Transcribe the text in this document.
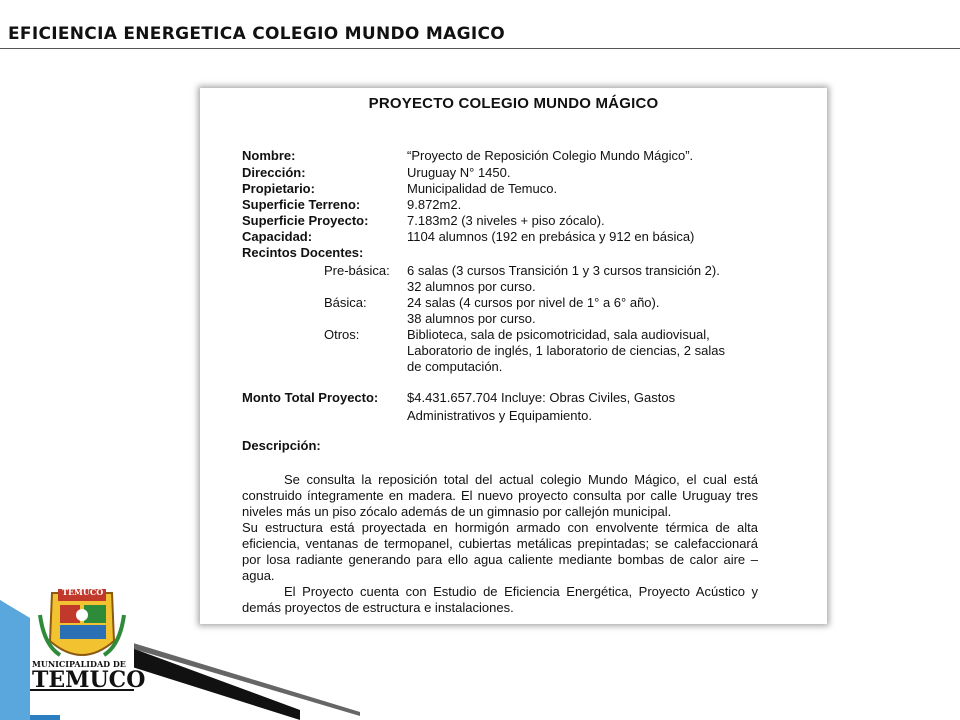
EFICIENCIA ENERGETICA COLEGIO MUNDO MAGICO
TEMUCO
MUNICIPALIDAD DE
TEMUCO
PROYECTO COLEGIO MUNDO MÁGICO
Nombre:	“Proyecto de Reposición Colegio Mundo Mágico”.
Dirección:	Uruguay N° 1450.
Propietario:	Municipalidad de Temuco.
Superficie Terreno:	9.872m2.
Superficie Proyecto:	7.183m2 (3 niveles + piso zócalo).
Capacidad:	1104 alumnos (192 en prebásica y 912 en básica)
Recintos Docentes:
Pre-básica: 6 salas (3 cursos Transición 1 y 3 cursos transición 2).
32 alumnos por curso.
Básica:	24 salas (4 cursos por nivel de 1° a 6° año).
38 alumnos por curso.
Otros:	Biblioteca, sala de psicomotricidad, sala audiovisual,
Laboratorio de inglés, 1 laboratorio de ciencias, 2 salas
de computación.
Monto Total Proyecto: $4.431.657.704 Incluye: Obras Civiles, Gastos
Administrativos y Equipamiento.
Descripción:

Se consulta la reposición total del actual colegio Mundo Mágico, el cual está construido íntegramente en madera. El nuevo proyecto consulta por calle Uruguay tres niveles más un piso zócalo además de un gimnasio por callejón municipal.

Su estructura está proyectada en hormigón armado con envolvente térmica de alta eficiencia, ventanas de termopanel, cubiertas metálicas prepintadas; se calefaccionará por losa radiante generando para ello agua caliente mediante bombas de calor aire – agua.

El Proyecto cuenta con Estudio de Eficiencia Energética, Proyecto Acústico y demás proyectos de estructura e instalaciones.
